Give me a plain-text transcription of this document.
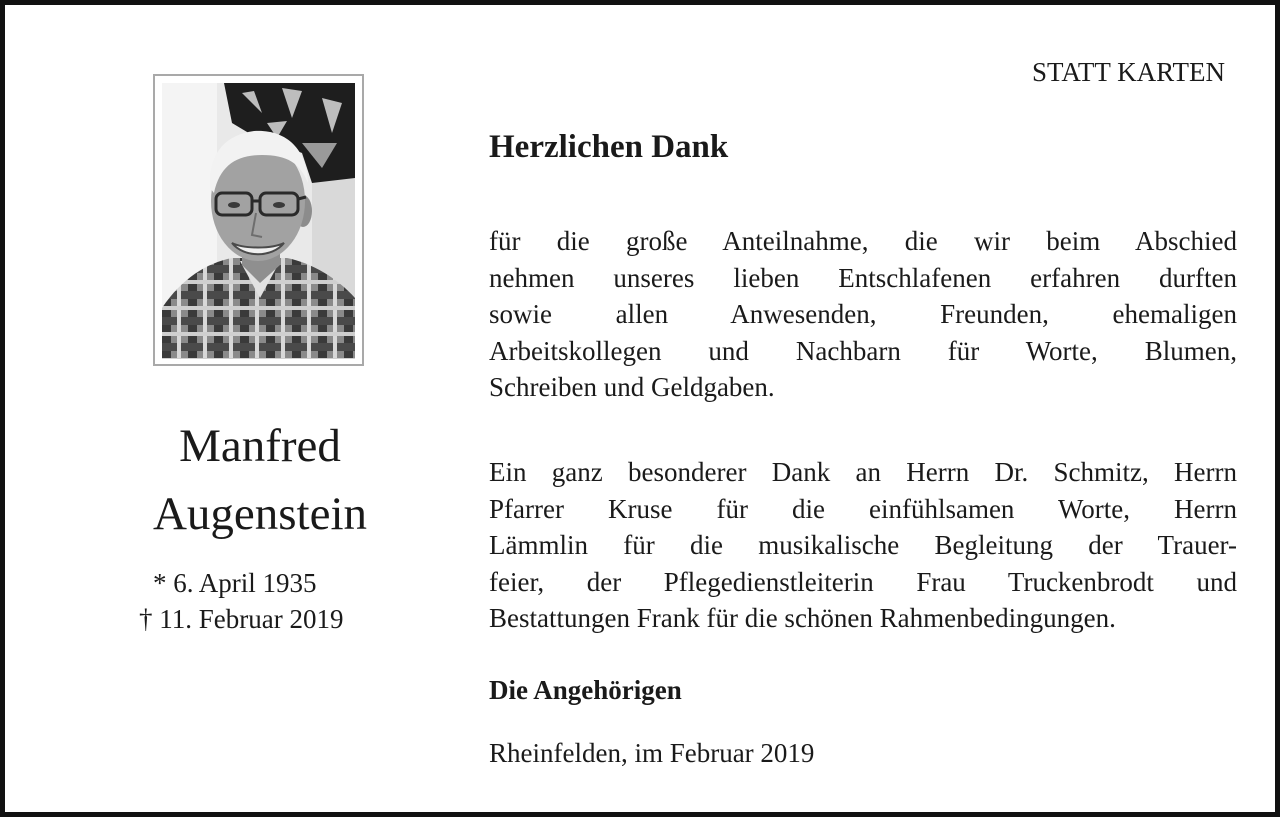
STATT KARTEN
Manfred
Augenstein
* 6. April 1935
† 11. Februar 2019
Herzlichen Dank

für die große Anteilnahme, die wir beim Abschied
nehmen unseres lieben Entschlafenen erfahren durften
sowie allen Anwesenden, Freunden, ehemaligen
Arbeitskollegen und Nachbarn für Worte, Blumen,
Schreiben und Geldgaben.

Ein ganz besonderer Dank an Herrn Dr. Schmitz, Herrn
Pfarrer Kruse für die einfühlsamen Worte, Herrn
Lämmlin für die musikalische Begleitung der Trauer-
feier, der Pflegedienstleiterin Frau Truckenbrodt und
Bestattungen Frank für die schönen Rahmenbedingungen.

Die Angehörigen
Rheinfelden, im Februar 2019
